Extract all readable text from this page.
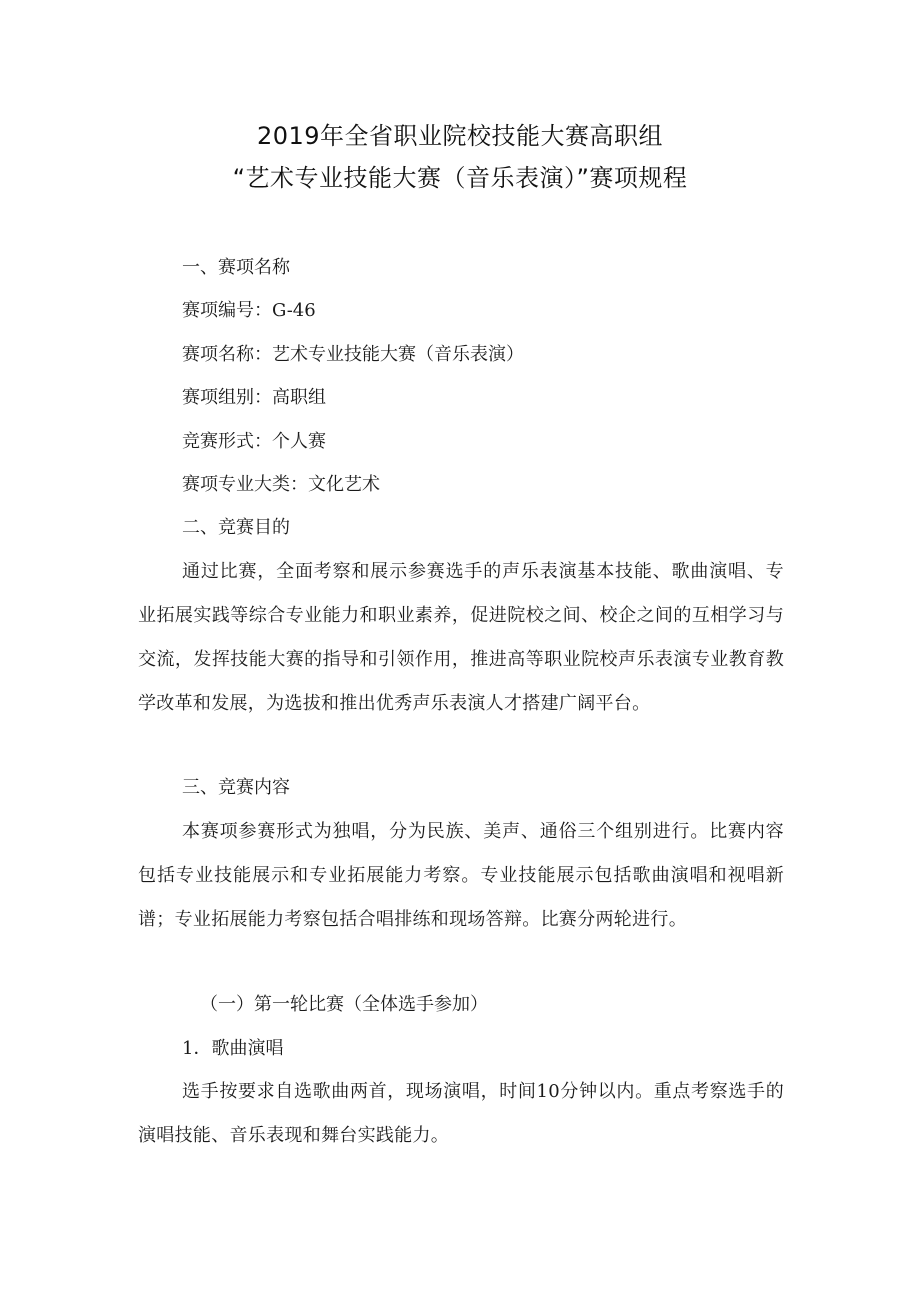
2019年全省职业院校技能大赛高职组
“艺术专业技能大赛（音乐表演）”赛项规程
一、赛项名称
赛项编号：G-46
赛项名称：艺术专业技能大赛（音乐表演）
赛项组别：高职组
竞赛形式：个人赛
赛项专业大类：文化艺术
二、竞赛目的
通过比赛，全面考察和展示参赛选手的声乐表演基本技能、歌曲演唱、专业拓展实践等综合专业能力和职业素养，促进院校之间、校企之间的互相学习与交流，发挥技能大赛的指导和引领作用，推进高等职业院校声乐表演专业教育教学改革和发展，为选拔和推出优秀声乐表演人才搭建广阔平台。
三、竞赛内容
本赛项参赛形式为独唱，分为民族、美声、通俗三个组别进行。比赛内容包括专业技能展示和专业拓展能力考察。专业技能展示包括歌曲演唱和视唱新谱；专业拓展能力考察包括合唱排练和现场答辩。比赛分两轮进行。
（一）第一轮比赛（全体选手参加）
1．歌曲演唱
选手按要求自选歌曲两首，现场演唱，时间10分钟以内。重点考察选手的演唱技能、音乐表现和舞台实践能力。
